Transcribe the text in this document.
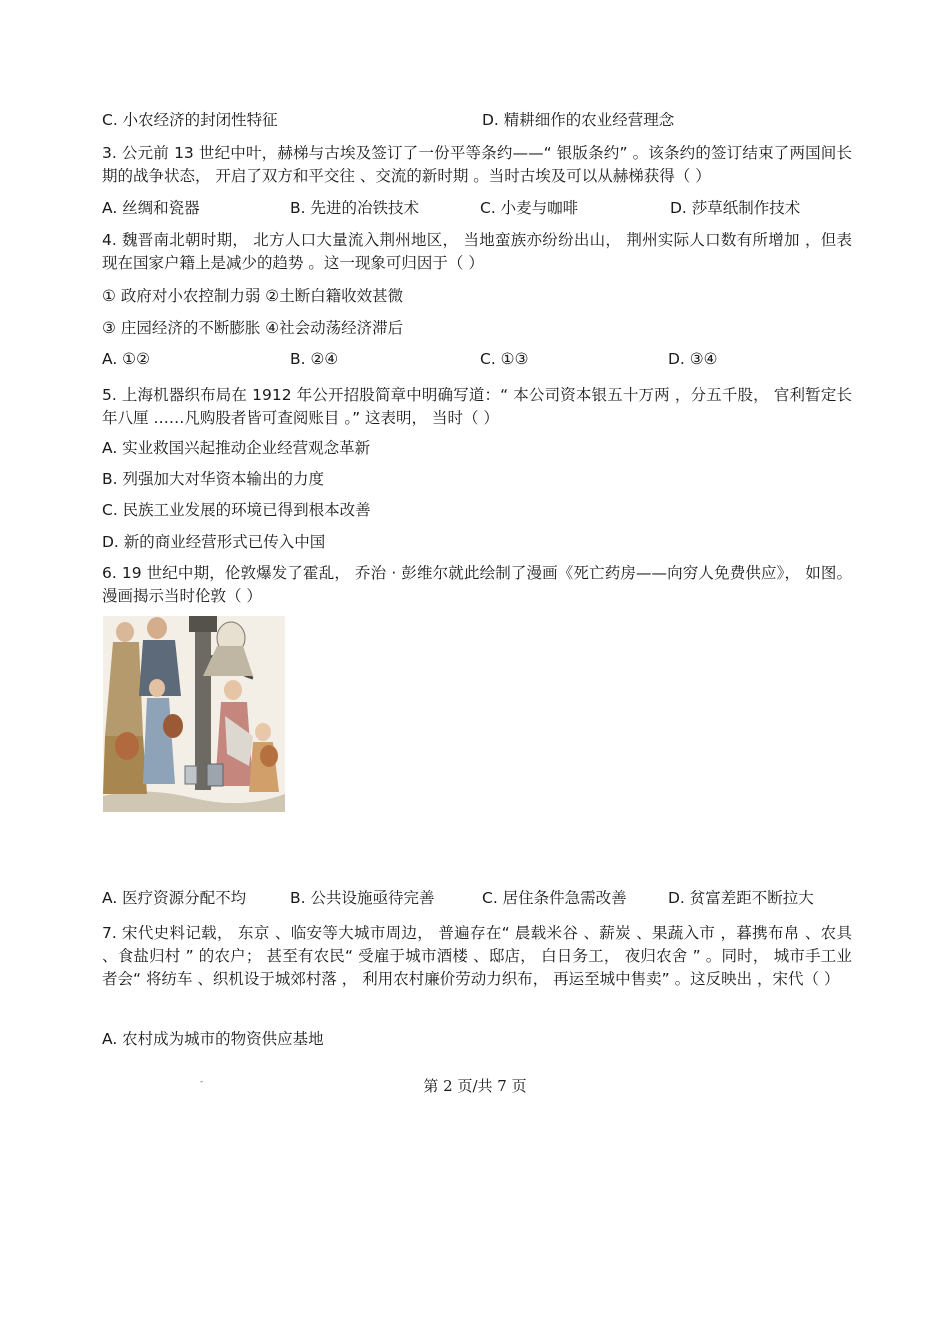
C. 小农经济的封闭性特征	D. 精耕细作的农业经营理念
3. 公元前 13 世纪中叶，赫梯与古埃及签订了一份平等条约——“ 银版条约” 。该条约的签订结束了两国间长期的战争状态， 开启了双方和平交往 、交流的新时期 。当时古埃及可以从赫梯获得（ ）
A. 丝绸和瓷器	B. 先进的冶铁技术	C. 小麦与咖啡	D. 莎草纸制作技术
4. 魏晋南北朝时期， 北方人口大量流入荆州地区， 当地蛮族亦纷纷出山， 荆州实际人口数有所增加 ，但表现在国家户籍上是减少的趋势 。这一现象可归因于（ ）
① 政府对小农控制力弱 ②土断白籍收效甚微
③ 庄园经济的不断膨胀 ④社会动荡经济滞后
A. ①②	B. ②④	C. ①③	D. ③④
5. 上海机器织布局在 1912 年公开招股简章中明确写道：“ 本公司资本银五十万两 ，分五千股， 官利暂定长年八厘 ……凡购股者皆可查阅账目 。” 这表明， 当时（ ）
A. 实业救国兴起推动企业经营观念革新
B. 列强加大对华资本输出的力度
C. 民族工业发展的环境已得到根本改善
D. 新的商业经营形式已传入中国
6. 19 世纪中期，伦敦爆发了霍乱， 乔治 · 彭维尔就此绘制了漫画《死亡药房——向穷人免费供应》， 如图。漫画揭示当时伦敦（ ）
A. 医疗资源分配不均	B. 公共设施亟待完善	C. 居住条件急需改善	D. 贫富差距不断拉大
7. 宋代史料记载， 东京 、临安等大城市周边， 普遍存在“ 晨载米谷 、薪炭 、果蔬入市 ，暮携布帛 、农具 、食盐归村 ” 的农户； 甚至有农民“ 受雇于城市酒楼 、邸店， 白日务工， 夜归农舍 ” 。同时， 城市手工业者会“ 将纺车 、织机设于城郊村落 ， 利用农村廉价劳动力织布， 再运至城中售卖” 。这反映出 ，宋代（ ）
A. 农村成为城市的物资供应基地
-	第 2 页/共 7 页
